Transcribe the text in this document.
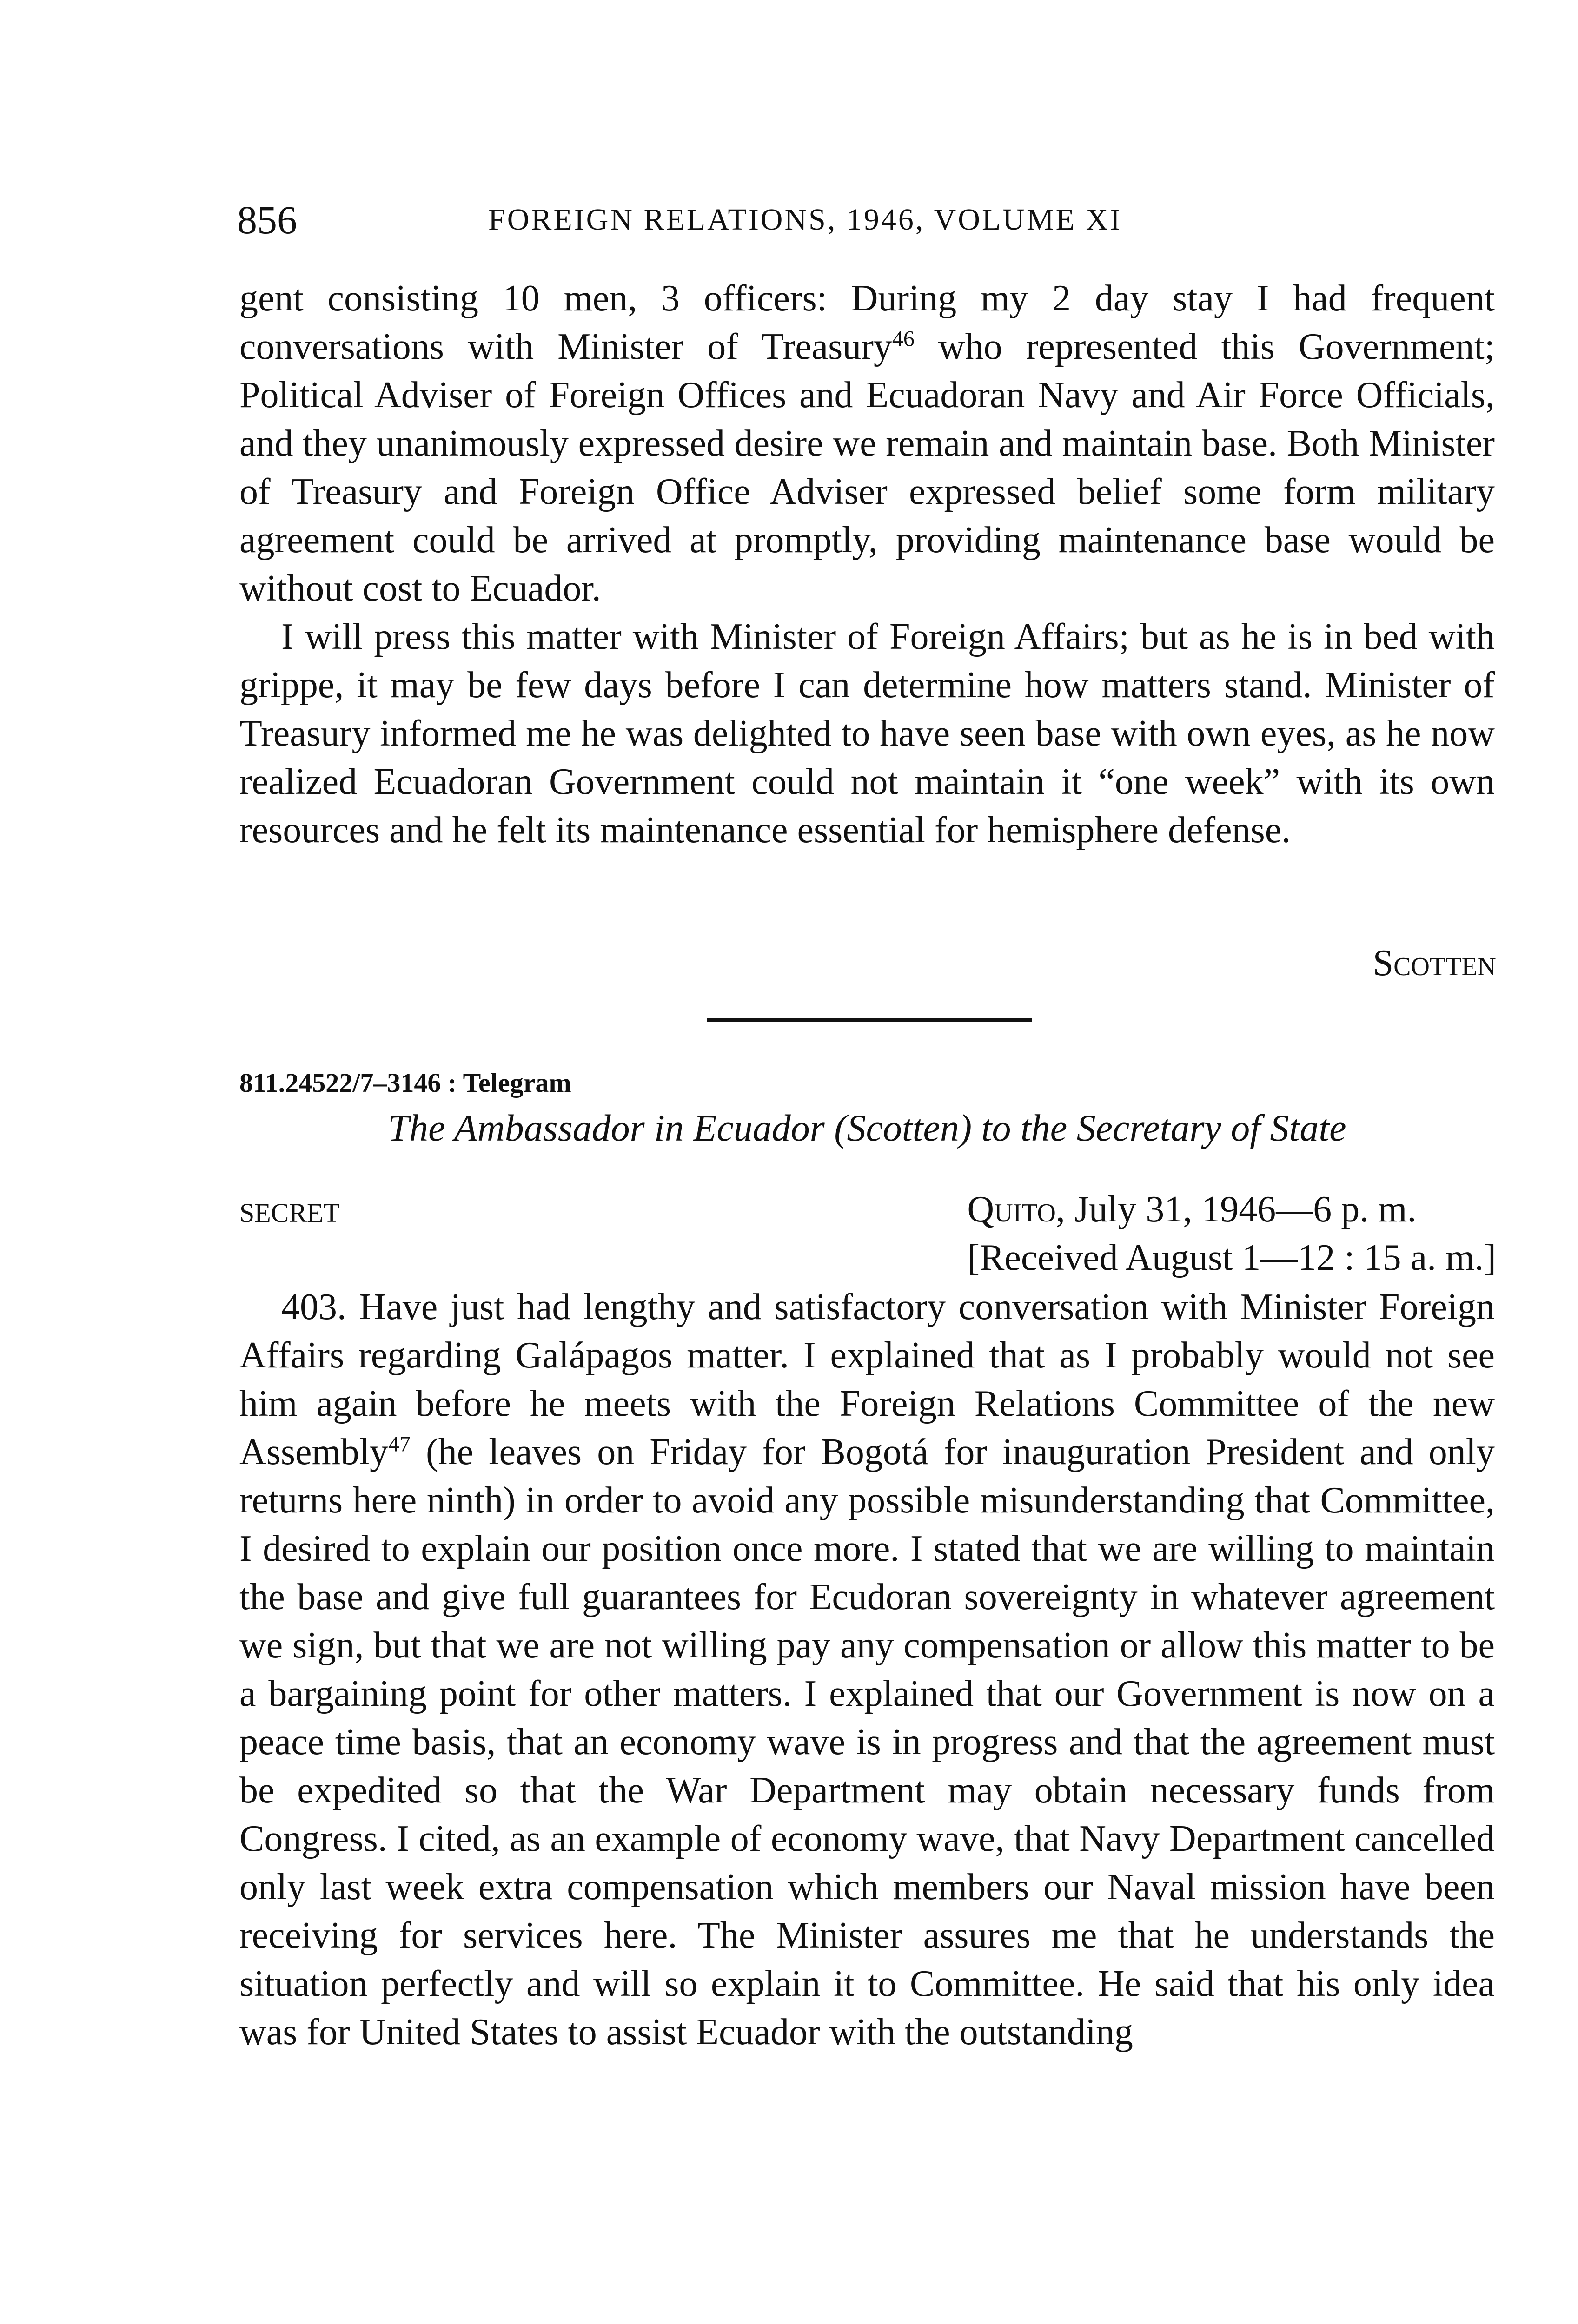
856	FOREIGN RELATIONS, 1946, VOLUME XI

gent consisting 10 men, 3 officers: During my 2 day stay I had frequent conversations with Minister of Treasury$^{46}$ who represented this Government; Political Adviser of Foreign Offices and Ecuadoran Navy and Air Force Officials, and they unanimously expressed desire we remain and maintain base. Both Minister of Treasury and Foreign Office Adviser expressed belief some form military agreement could be arrived at promptly, providing maintenance base would be without cost to Ecuador.

I will press this matter with Minister of Foreign Affairs; but as he is in bed with grippe, it may be few days before I can determine how matters stand. Minister of Treasury informed me he was delighted to have seen base with own eyes, as he now realized Ecuadoran Government could not maintain it “one week” with its own resources and he felt its maintenance essential for hemisphere defense.

Scotten
811.24522/7–3146 : Telegram
The Ambassador in Ecuador (Scotten) to the Secretary of State
SECRET	Quito, July 31, 1946—6 p. m.
[Received August 1—12 : 15 a. m.]
403. Have just had lengthy and satisfactory conversation with Minister Foreign Affairs regarding Galápagos matter. I explained that as I probably would not see him again before he meets with the Foreign Relations Committee of the new Assembly$^{47}$ (he leaves on Friday for Bogotá for inauguration President and only returns here ninth) in order to avoid any possible misunderstanding that Committee, I desired to explain our position once more. I stated that we are willing to maintain the base and give full guarantees for Ecudoran sovereignty in whatever agreement we sign, but that we are not willing pay any compensation or allow this matter to be a bargaining point for other matters. I explained that our Government is now on a peace time basis, that an economy wave is in progress and that the agreement must be expedited so that the War Department may obtain necessary funds from Congress. I cited, as an example of economy wave, that Navy Department cancelled only last week extra compensation which members our Naval mission have been receiving for services here. The Minister assures me that he understands the situation perfectly and will so explain it to Committee. He said that his only idea was for United States to assist Ecuador with the outstanding
